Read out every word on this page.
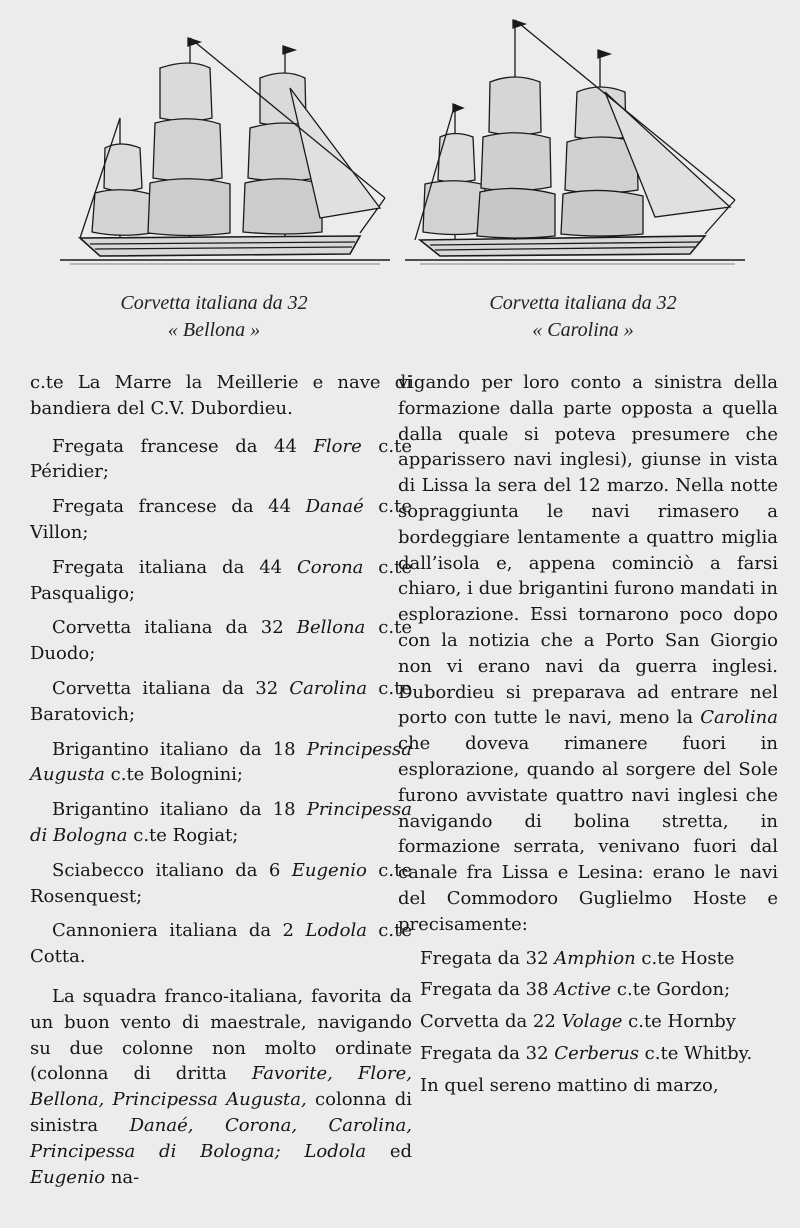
Corvetta italiana da 32
« Bellona »
Corvetta italiana da 32
« Carolina »

c.te La Marre la Meillerie e nave di bandiera del C.V. Dubordieu.

Fregata francese da 44 Flore c.te Péridier;

Fregata francese da 44 Danaé c.te Villon;

Fregata italiana da 44 Corona c.te Pasqualigo;

Corvetta italiana da 32 Bellona c.te Duodo;

Corvetta italiana da 32 Carolina c.te Baratovich;

Brigantino italiano da 18 Principessa Augusta c.te Bolognini;

Brigantino italiano da 18 Principessa di Bologna c.te Rogiat;

Sciabecco italiano da 6 Eugenio c.te Rosenquest;

Cannoniera italiana da 2 Lodola c.te Cotta.

La squadra franco-italiana, favorita da un buon vento di maestrale, navigando su due colonne non molto ordinate (colonna di dritta Favorite, Flore, Bellona, Principessa Augusta, colonna di sinistra Danaé, Corona, Carolina, Principessa di Bologna; Lodola ed Eugenio na-

vigando per loro conto a sinistra della formazione dalla parte opposta a quella dalla quale si poteva presumere che apparissero navi inglesi), giunse in vista di Lissa la sera del 12 marzo. Nella notte sopraggiunta le navi rimasero a bordeggiare lentamente a quattro miglia dall’isola e, appena cominciò a farsi chiaro, i due brigantini furono mandati in esplorazione. Essi tornarono poco dopo con la notizia che a Porto San Giorgio non vi erano navi da guerra inglesi. Dubordieu si preparava ad entrare nel porto con tutte le navi, meno la Carolina che doveva rimanere fuori in esplorazione, quando al sorgere del Sole furono avvistate quattro navi inglesi che navigando di bolina stretta, in formazione serrata, venivano fuori dal canale fra Lissa e Lesina: erano le navi del Commodoro Guglielmo Hoste e precisamente:

Fregata da 32 Amphion c.te Hoste

Fregata da 38 Active c.te Gordon;

Corvetta da 22 Volage c.te Hornby

Fregata da 32 Cerberus c.te Whitby.

In quel sereno mattino di marzo,
